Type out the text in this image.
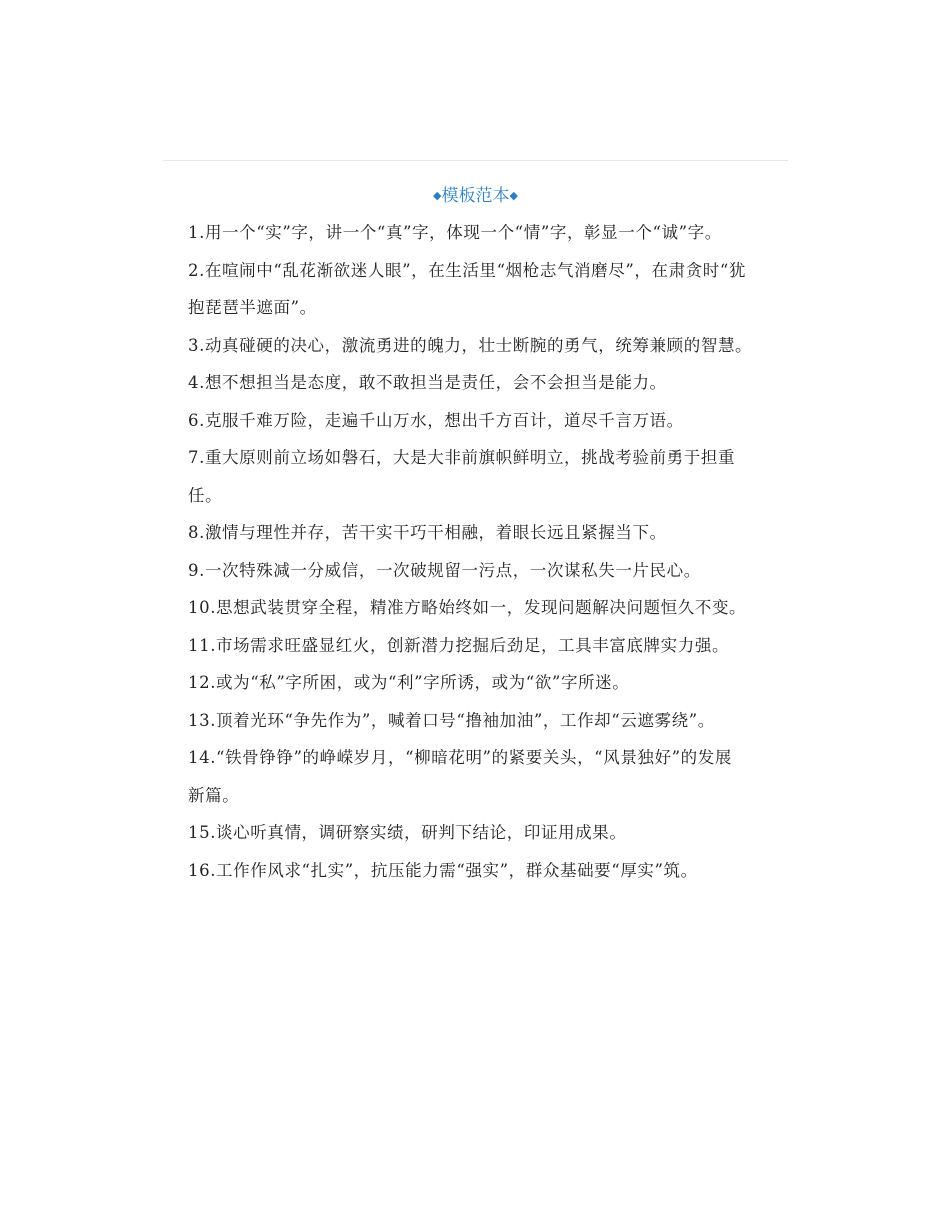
◆模板范本◆

1.用一个“实”字，讲一个“真”字，体现一个“情”字，彰显一个“诚”字。

2.在喧闹中“乱花渐欲迷人眼”，在生活里“烟枪志气消磨尽”，在肃贪时“犹抱琵琶半遮面”。

3.动真碰硬的决心，激流勇进的魄力，壮士断腕的勇气，统筹兼顾的智慧。

4.想不想担当是态度，敢不敢担当是责任，会不会担当是能力。

6.克服千难万险，走遍千山万水，想出千方百计，道尽千言万语。

7.重大原则前立场如磐石，大是大非前旗帜鲜明立，挑战考验前勇于担重任。

8.激情与理性并存，苦干实干巧干相融，着眼长远且紧握当下。

9.一次特殊减一分威信，一次破规留一污点，一次谋私失一片民心。

10.思想武装贯穿全程，精准方略始终如一，发现问题解决问题恒久不变。

11.市场需求旺盛显红火，创新潜力挖掘后劲足，工具丰富底牌实力强。

12.或为“私”字所困，或为“利”字所诱，或为“欲”字所迷。

13.顶着光环“争先作为”，喊着口号“撸袖加油”，工作却“云遮雾绕”。

14.“铁骨铮铮”的峥嵘岁月，“柳暗花明”的紧要关头，“风景独好”的发展新篇。

15.谈心听真情，调研察实绩，研判下结论，印证用成果。

16.工作作风求“扎实”，抗压能力需“强实”，群众基础要“厚实”筑。
